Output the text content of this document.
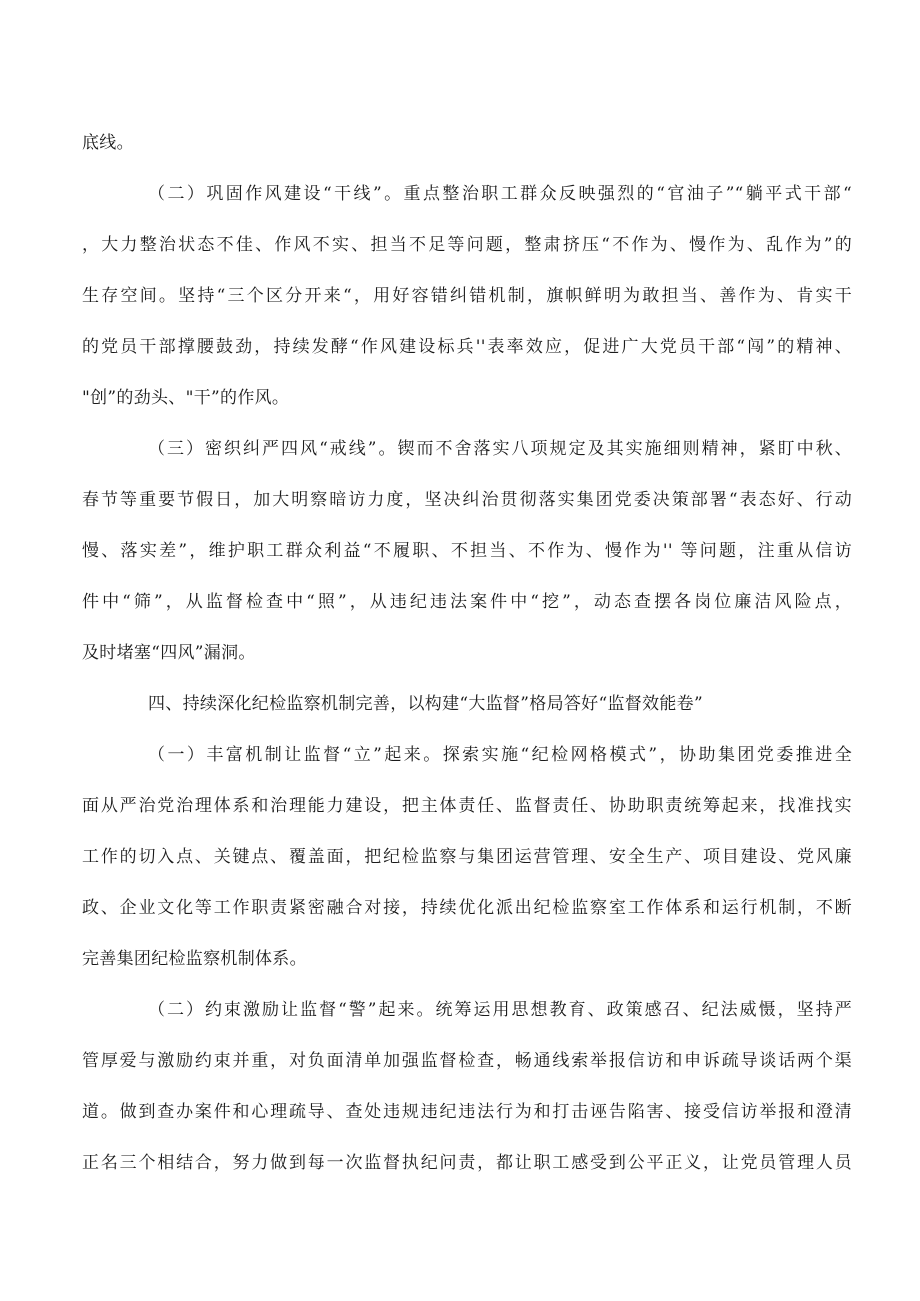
底线。
（二）巩固作风建设“干线”。重点整治职工群众反映强烈的“官油子”“躺平式干部“
，大力整治状态不佳、作风不实、担当不足等问题，整肃挤压“不作为、慢作为、乱作为”的
生存空间。坚持“三个区分开来“，用好容错纠错机制，旗帜鲜明为敢担当、善作为、肯实干
的党员干部撑腰鼓劲，持续发酵“作风建设标兵''表率效应，促进广大党员干部“闯”的精神、
"创”的劲头、"干”的作风。
（三）密织纠严四风“戒线”。锲而不舍落实八项规定及其实施细则精神，紧盯中秋、
春节等重要节假日，加大明察暗访力度，坚决纠治贯彻落实集团党委决策部署“表态好、行动
慢、落实差”，维护职工群众利益“不履职、不担当、不作为、慢作为'' 等问题，注重从信访
件中“筛”，从监督检查中“照”，从违纪违法案件中“挖”，动态查摆各岗位廉洁风险点，
及时堵塞“四风”漏洞。
四、持续深化纪检监察机制完善，以构建“大监督”格局答好“监督效能卷”
（一）丰富机制让监督“立”起来。探索实施“纪检网格模式”，协助集团党委推进全
面从严治党治理体系和治理能力建设，把主体责任、监督责任、协助职责统筹起来，找准找实
工作的切入点、关键点、覆盖面，把纪检监察与集团运营管理、安全生产、项目建设、党风廉
政、企业文化等工作职责紧密融合对接，持续优化派出纪检监察室工作体系和运行机制，不断
完善集团纪检监察机制体系。
（二）约束激励让监督“警”起来。统筹运用思想教育、政策感召、纪法威慑，坚持严
管厚爱与激励约束并重，对负面清单加强监督检查，畅通线索举报信访和申诉疏导谈话两个渠
道。做到查办案件和心理疏导、查处违规违纪违法行为和打击诬告陷害、接受信访举报和澄清
正名三个相结合，努力做到每一次监督执纪问责，都让职工感受到公平正义，让党员管理人员
